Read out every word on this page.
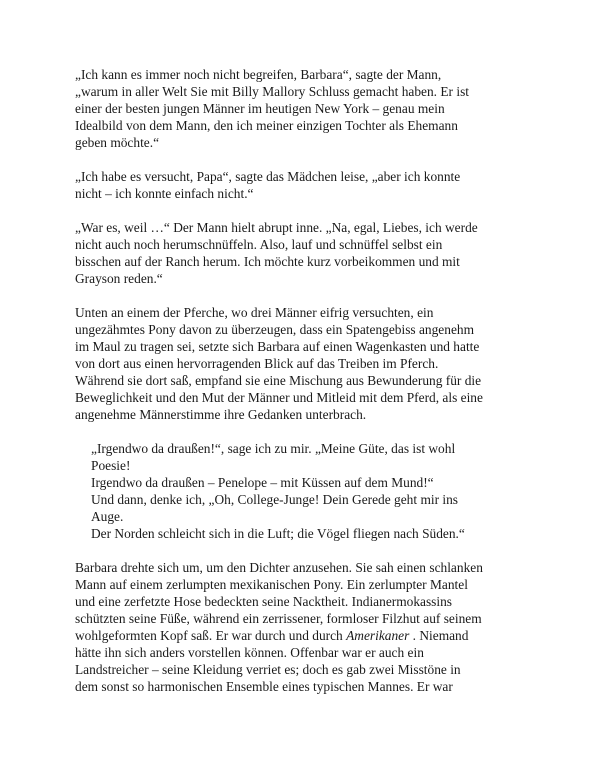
„Ich kann es immer noch nicht begreifen, Barbara“, sagte der Mann,
„warum in aller Welt Sie mit Billy Mallory Schluss gemacht haben. Er ist
einer der besten jungen Männer im heutigen New York – genau mein
Idealbild von dem Mann, den ich meiner einzigen Tochter als Ehemann
geben möchte.“
„Ich habe es versucht, Papa“, sagte das Mädchen leise, „aber ich konnte
nicht – ich konnte einfach nicht.“
„War es, weil …“ Der Mann hielt abrupt inne. „Na, egal, Liebes, ich werde
nicht auch noch herumschnüffeln. Also, lauf und schnüffel selbst ein
bisschen auf der Ranch herum. Ich möchte kurz vorbeikommen und mit
Grayson reden.“
Unten an einem der Pferche, wo drei Männer eifrig versuchten, ein
ungezähmtes Pony davon zu überzeugen, dass ein Spatengebiss angenehm
im Maul zu tragen sei, setzte sich Barbara auf einen Wagenkasten und hatte
von dort aus einen hervorragenden Blick auf das Treiben im Pferch.
Während sie dort saß, empfand sie eine Mischung aus Bewunderung für die
Beweglichkeit und den Mut der Männer und Mitleid mit dem Pferd, als eine
angenehme Männerstimme ihre Gedanken unterbrach.
„Irgendwo da draußen!“, sage ich zu mir. „Meine Güte, das ist wohl
Poesie!
Irgendwo da draußen – Penelope – mit Küssen auf dem Mund!“
Und dann, denke ich, „Oh, College-Junge! Dein Gerede geht mir ins
Auge.
Der Norden schleicht sich in die Luft; die Vögel fliegen nach Süden.“
Barbara drehte sich um, um den Dichter anzusehen. Sie sah einen schlanken
Mann auf einem zerlumpten mexikanischen Pony. Ein zerlumpter Mantel
und eine zerfetzte Hose bedeckten seine Nacktheit. Indianermokassins
schützten seine Füße, während ein zerrissener, formloser Filzhut auf seinem
wohlgeformten Kopf saß. Er war durch und durch Amerikaner . Niemand
hätte ihn sich anders vorstellen können. Offenbar war er auch ein
Landstreicher – seine Kleidung verriet es; doch es gab zwei Misstöne in
dem sonst so harmonischen Ensemble eines typischen Mannes. Er war
